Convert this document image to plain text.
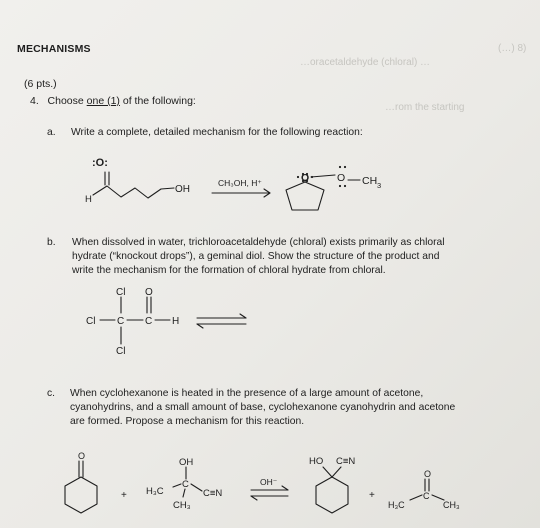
(…) 8)
…oracetaldehyde (chloral) …
…rom the starting

MECHANISMS

(6 pts.)

4. Choose one (1) of the following:

a. Write a complete, detailed mechanism for the following reaction:

b. When dissolved in water, trichloroacetaldehyde (chloral) exists primarily as chloral

hydrate (“knockout drops”), a geminal diol. Show the structure of the product and

write the mechanism for the formation of chloral hydrate from chloral.

c. When cyclohexanone is heated in the presence of a large amount of acetone,

cyanohydrins, and a small amount of base, cyclohexanone cyanohydrin and acetone

are formed. Propose a mechanism for this reaction.

:O:
H
OH
CH₃OH, H⁺	O	O CH 3
Cl O
Cl C C H
Cl
O
+
OH
C
H₃C	C≡N
CH₃
OH⁻
HO C≡N
+
O
C
H₃C	CH₃
